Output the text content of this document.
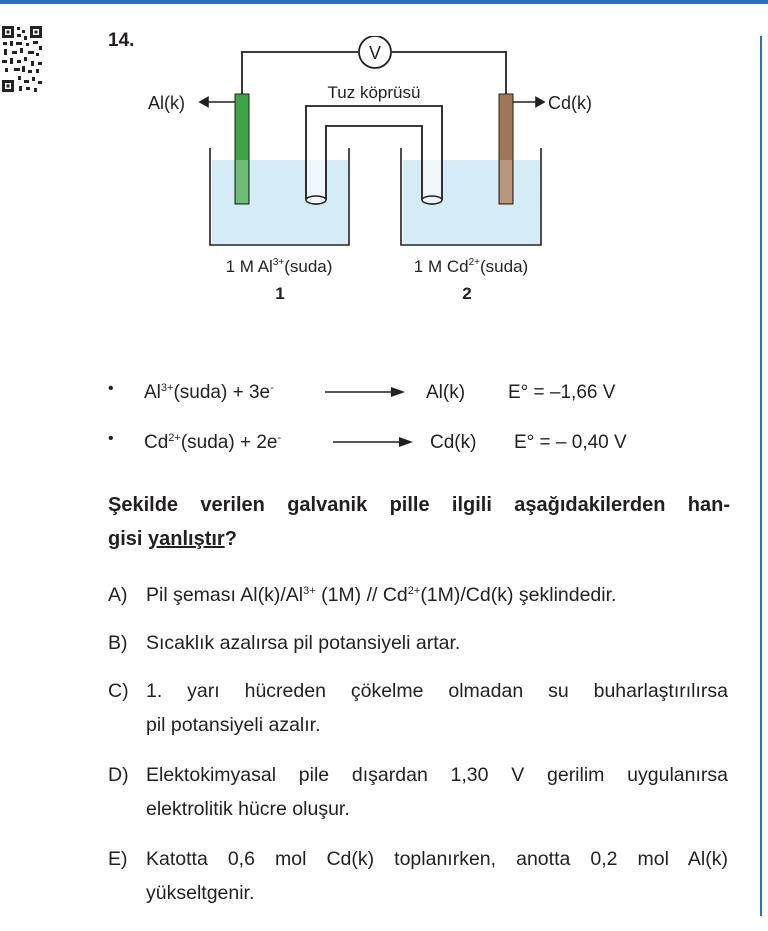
14.
V
Tuz köprüsü
Al(k)	Cd(k)
1 M $Al^{3+}(suda)$	1 M $Cd^{2+}(suda)$
1	2
• $Al^{3+}(suda) + 3e^-$	Al(k) E° = –1,66 V
• $Cd^{2+}(suda) + 2e^-$	Cd(k) E° = – 0,40 V
Şekilde verilen galvanik pille ilgili aşağıdakilerden han-
gisi yanlıştır?
A) Pil şeması $Al(k)/Al^{3+}$ $(1M) // Cd^{2+}(1M)/Cd(k)$ şeklindedir.
B) Sıcaklık azalırsa pil potansiyeli artar.
C) 1. yarı hücreden çökelme olmadan su buharlaştırılırsa
pil potansiyeli azalır.
D) Elektokimyasal pile dışardan 1,30 V gerilim uygulanırsa
elektrolitik hücre oluşur.
E) Katotta 0,6 mol Cd(k) toplanırken, anotta 0,2 mol Al(k)
yükseltgenir.
